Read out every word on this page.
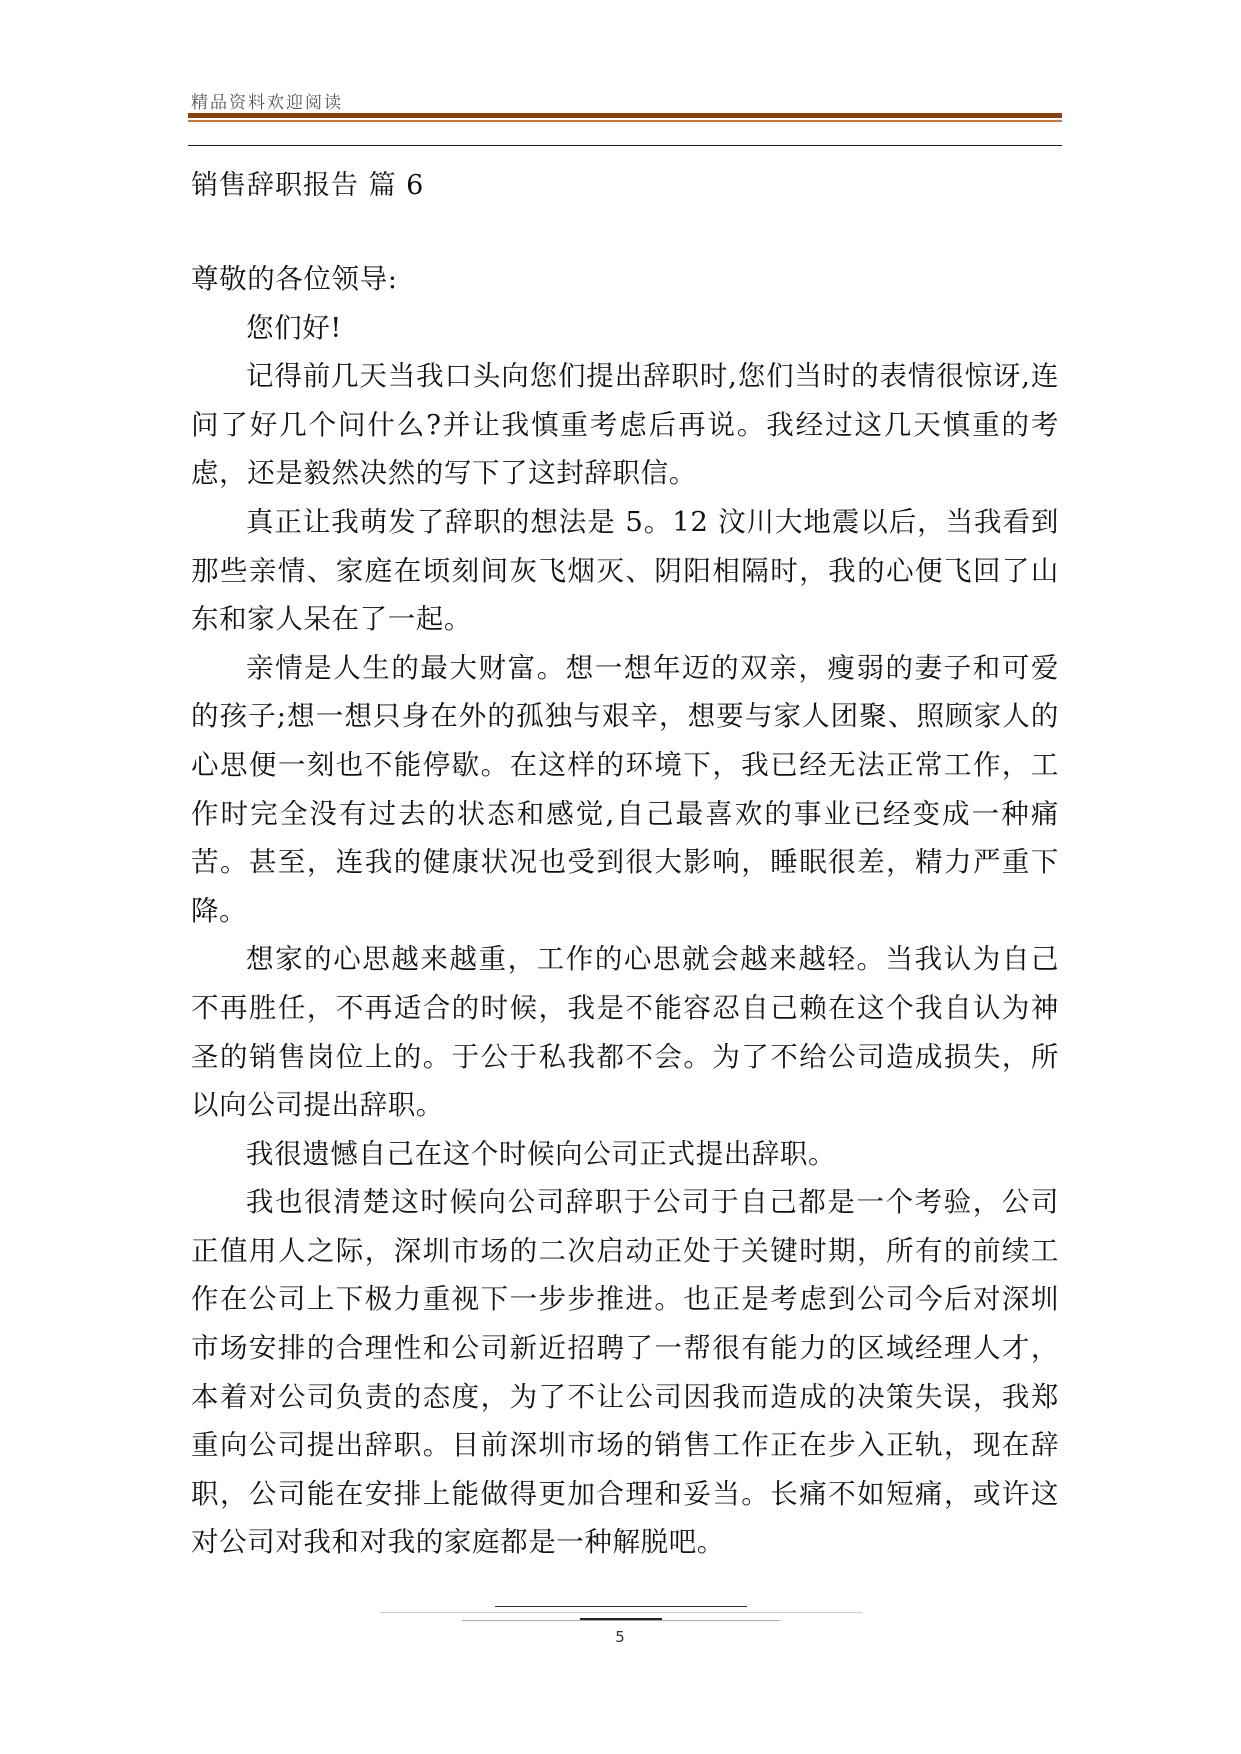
精品资料欢迎阅读
销售辞职报告 篇 6

尊敬的各位领导:

您们好!

记得前几天当我口头向您们提出辞职时,您们当时的表情很惊讶,连问了好几个问什么?并让我慎重考虑后再说。我经过这几天慎重的考虑，还是毅然决然的写下了这封辞职信。

真正让我萌发了辞职的想法是 5。12 汶川大地震以后，当我看到那些亲情、家庭在顷刻间灰飞烟灭、阴阳相隔时，我的心便飞回了山东和家人呆在了一起。

亲情是人生的最大财富。想一想年迈的双亲，瘦弱的妻子和可爱的孩子;想一想只身在外的孤独与艰辛，想要与家人团聚、照顾家人的心思便一刻也不能停歇。在这样的环境下，我已经无法正常工作，工作时完全没有过去的状态和感觉,自己最喜欢的事业已经变成一种痛苦。甚至，连我的健康状况也受到很大影响，睡眠很差，精力严重下降。

想家的心思越来越重，工作的心思就会越来越轻。当我认为自己不再胜任，不再适合的时候，我是不能容忍自己赖在这个我自认为神圣的销售岗位上的。于公于私我都不会。为了不给公司造成损失，所以向公司提出辞职。

我很遗憾自己在这个时候向公司正式提出辞职。

我也很清楚这时候向公司辞职于公司于自己都是一个考验，公司正值用人之际，深圳市场的二次启动正处于关键时期，所有的前续工作在公司上下极力重视下一步步推进。也正是考虑到公司今后对深圳市场安排的合理性和公司新近招聘了一帮很有能力的区域经理人才，本着对公司负责的态度，为了不让公司因我而造成的决策失误，我郑重向公司提出辞职。目前深圳市场的销售工作正在步入正轨，现在辞职，公司能在安排上能做得更加合理和妥当。长痛不如短痛，或许这对公司对我和对我的家庭都是一种解脱吧。

5
